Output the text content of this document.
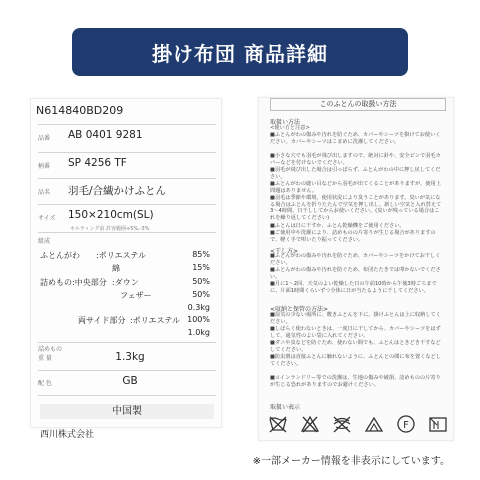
掛け布団 商品詳細
N614840BD209
品番 AB 0401 9281
柄番 SP 4256 TF
品名 羽毛/合繊かけふとん
サイズ 150×210cm(SL)
キルティング前 許容範囲+5%,-3%
組成
ふとんがわ :ポリエステル	85%
綿	15%
詰めもの:中央部分 :ダウン	50%
フェザー	50%
0.3kg
両サイド部分 :ポリエステル 100%
1.0kg
詰めもの
重 量	1.3kg
配 色	GB
中国製
西川株式会社
このふとんの取扱い方法
取扱い方法
<使い方と注意>
■ふとんがわの傷みや汚れを防ぐため、カバーやシーツを掛けてお使いください。カバーやシーツはこまめに洗濯してください。
■小さな穴でも羽毛が飛び出しますので、絶対に針や、安全ピンで羽毛カバーなどを付けないでください。
■羽毛が飛び出した場合は引っぱらず、ふとんがわの中に押し戻してください。
■ふとんがわの縫い目などから羽毛が出てくることがありますが、使用上問題はありません。
■羽毛は季節や環境、使用状況により臭うことがあります。臭いが気になる場合はふとんを折りたたんで空気を押し出し、新しい空気と入れ替えて3〜4時間、日干ししてからお使いください。(臭いが残っている場合はこれを繰り返してください)
■ふとんは日に干すか、ふとん乾燥機をご使用ください。
■ご使用中や洗濯により、詰めものの片寄りが生じる場合がありますので、軽く手で叩いたり振ってください。
<干し方>
■ふとんがわの傷みや汚れを防ぐため、カバーやシーツをかけてお干しください。
■ふとんがわの傷みや汚れを防ぐため、布団たたきでは叩かないでください。
■月に1〜2回、天気のよい乾燥した日の午前10時から午後3時ごろまでに、片面1時間くらいずつ全体に日が当たるように干してください。
<収納と保管の方法>
■湿気の少ない場所に、敷きふとんを下に、掛けふとんは上に収納してください。
■しばらく使わないときは、一度日に干してから、カバーやシーツをはずして、通気性のよい袋に入れてください。
■ダニや虫などを防ぐため、使わない間でも、ふとんはときどき干すなどしてください。
■防虫剤は直接ふとんに触れないように、ふとんとの間に布を置くなどしてください。
■コインランドリー等での洗濯は、生地の傷みや破損、詰めものの片寄りが生じる恐れがありますのでお避けください。
取扱い表示
F
※一部メーカー情報を非表示にしています。
